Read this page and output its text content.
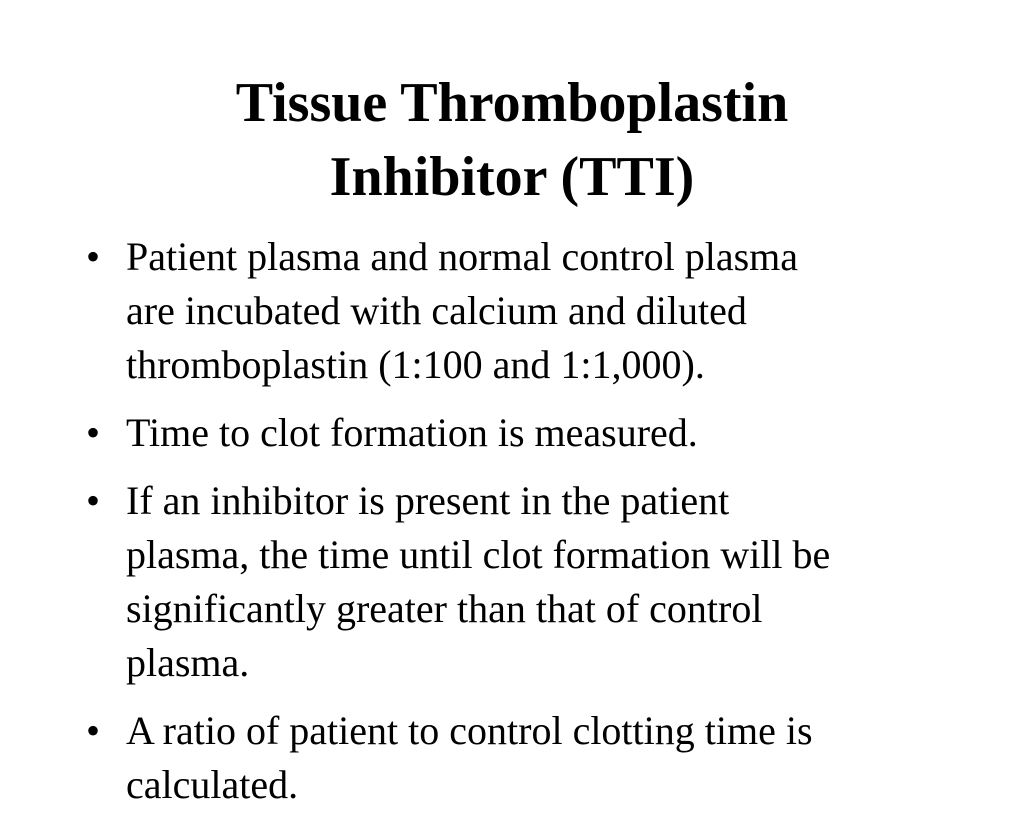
Tissue Thromboplastin
Inhibitor (TTI)
• Patient plasma and normal control plasma
are incubated with calcium and diluted
thromboplastin (1:100 and 1:1,000).
• Time to clot formation is measured.
• If an inhibitor is present in the patient
plasma, the time until clot formation will be
significantly greater than that of control
plasma.
• A ratio of patient to control clotting time is
calculated.
